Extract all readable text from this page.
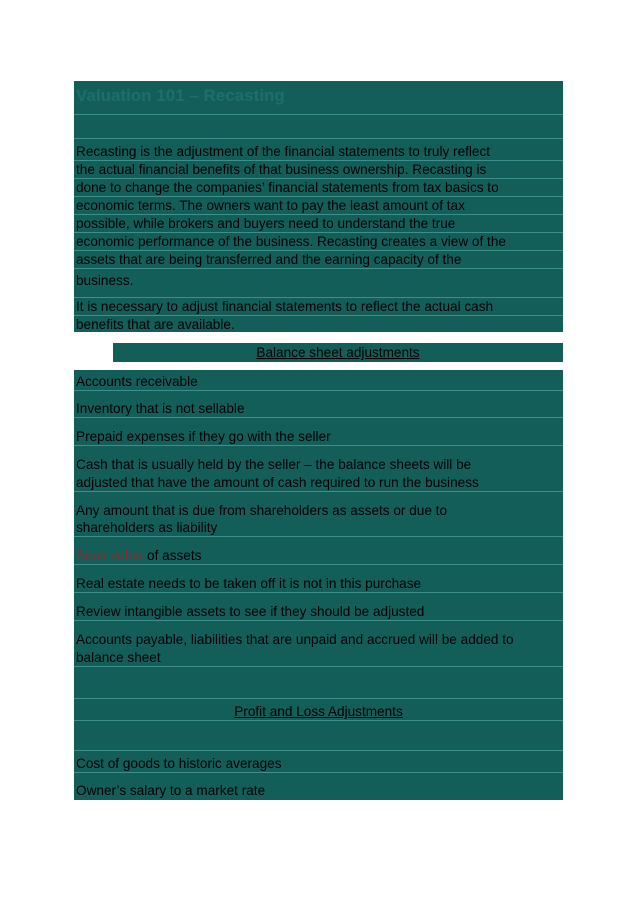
Valuation 101 – Recasting
Recasting is the adjustment of the financial statements to truly reflect
the actual financial benefits of that business ownership. Recasting is
done to change the companies’ financial statements from tax basics to
economic terms. The owners want to pay the least amount of tax
possible, while brokers and buyers need to understand the true
economic performance of the business. Recasting creates a view of the
assets that are being transferred and the earning capacity of the
business.
It is necessary to adjust financial statements to reflect the actual cash
benefits that are available.
Balance sheet adjustments
Accounts receivable
Inventory that is not sellable
Prepaid expenses if they go with the seller
Cash that is usually held by the seller – the balance sheets will be
adjusted that have the amount of cash required to run the business
Any amount that is due from shareholders as assets or due to
shareholders as liability
Book value of assets
Real estate needs to be taken off it is not in this purchase
Review intangible assets to see if they should be adjusted
Accounts payable, liabilities that are unpaid and accrued will be added to
balance sheet
Profit and Loss Adjustments
Cost of goods to historic averages
Owner’s salary to a market rate
